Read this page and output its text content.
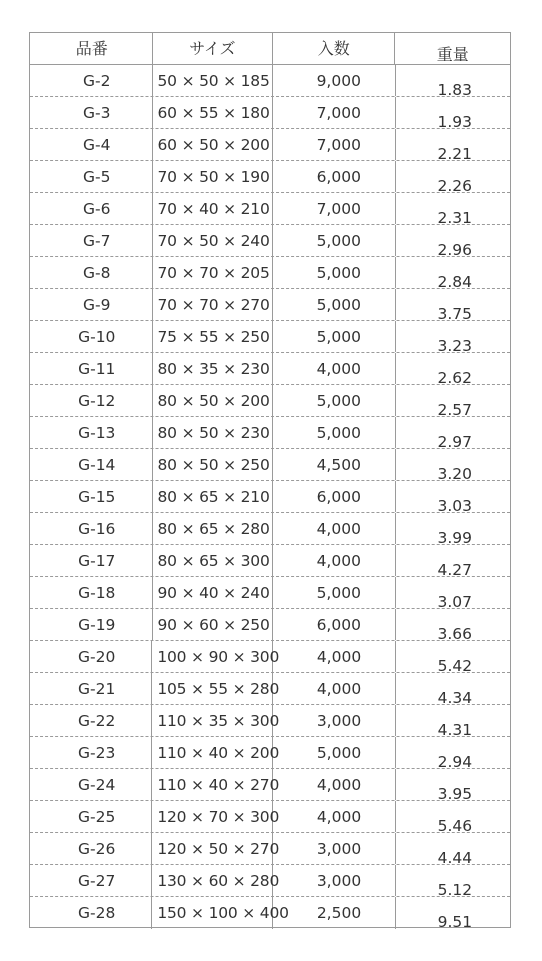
品番	サイズ	入数	重量
G-2	50 × 50 × 185	9,000	1.83
G-3	60 × 55 × 180	7,000	1.93
G-4	60 × 50 × 200	7,000	2.21
G-5	70 × 50 × 190	6,000	2.26
G-6	70 × 40 × 210	7,000	2.31
G-7	70 × 50 × 240	5,000	2.96
G-8	70 × 70 × 205	5,000	2.84
G-9	70 × 70 × 270	5,000	3.75
G-10	75 × 55 × 250	5,000	3.23
G-11	80 × 35 × 230	4,000	2.62
G-12	80 × 50 × 200	5,000	2.57
G-13	80 × 50 × 230	5,000	2.97
G-14	80 × 50 × 250	4,500	3.20
G-15	80 × 65 × 210	6,000	3.03
G-16	80 × 65 × 280	4,000	3.99
G-17	80 × 65 × 300	4,000	4.27
G-18	90 × 40 × 240	5,000	3.07
G-19	90 × 60 × 250	6,000	3.66
G-20	100 × 90 × 300	4,000	5.42
G-21	105 × 55 × 280	4,000	4.34
G-22	110 × 35 × 300	3,000	4.31
G-23	110 × 40 × 200	5,000	2.94
G-24	110 × 40 × 270	4,000	3.95
G-25	120 × 70 × 300	4,000	5.46
G-26	120 × 50 × 270	3,000	4.44
G-27	130 × 60 × 280	3,000	5.12
G-28	150 × 100 × 400	2,500	9.51
